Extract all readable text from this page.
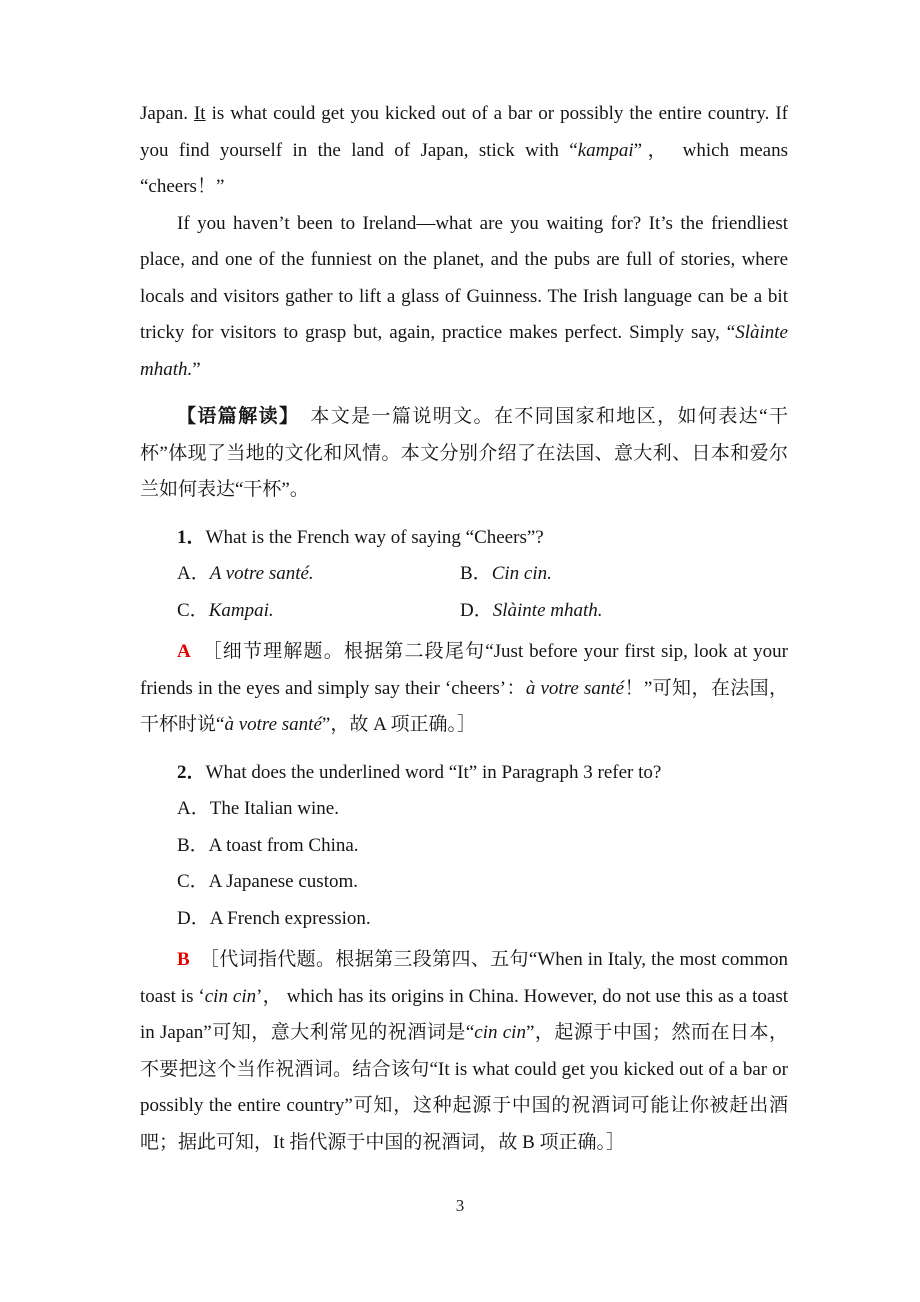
Japan. It is what could get you kicked out of a bar or possibly the entire country. If you find yourself in the land of Japan, stick with “kampai”， which means “cheers！”

If you haven’t been to Ireland—what are you waiting for? It’s the friendliest place, and one of the funniest on the planet, and the pubs are full of stories, where locals and visitors gather to lift a glass of Guinness. The Irish language can be a bit tricky for visitors to grasp but, again, practice makes perfect. Simply say, “Slàinte mhath.”

【语篇解读】　本文是一篇说明文。在不同国家和地区，如何表达“干杯”体现了当地的文化和风情。本文分别介绍了在法国、意大利、日本和爱尔兰如何表达“干杯”。

1．What is the French way of saying “Cheers”?

A．A votre santé.	B．Cin cin.
C．Kampai.	D．Slàinte mhath.

A　［细节理解题。根据第二段尾句“Just before your first sip, look at your friends in the eyes and simply say their ‘cheers’：à votre santé！”可知，在法国，干杯时说“à votre santé”，故 A 项正确。］

2．What does the underlined word “It” in Paragraph 3 refer to?

A．The Italian wine.

B．A toast from China.

C．A Japanese custom.

D．A French expression.

B　［代词指代题。根据第三段第四、五句“When in Italy, the most common toast is ‘cin cin’， which has its origins in China. However, do not use this as a toast in Japan”可知，意大利常见的祝酒词是“cin cin”，起源于中国；然而在日本，不要把这个当作祝酒词。结合该句“It is what could get you kicked out of a bar or possibly the entire country”可知，这种起源于中国的祝酒词可能让你被赶出酒吧；据此可知，It 指代源于中国的祝酒词，故 B 项正确。］

3
